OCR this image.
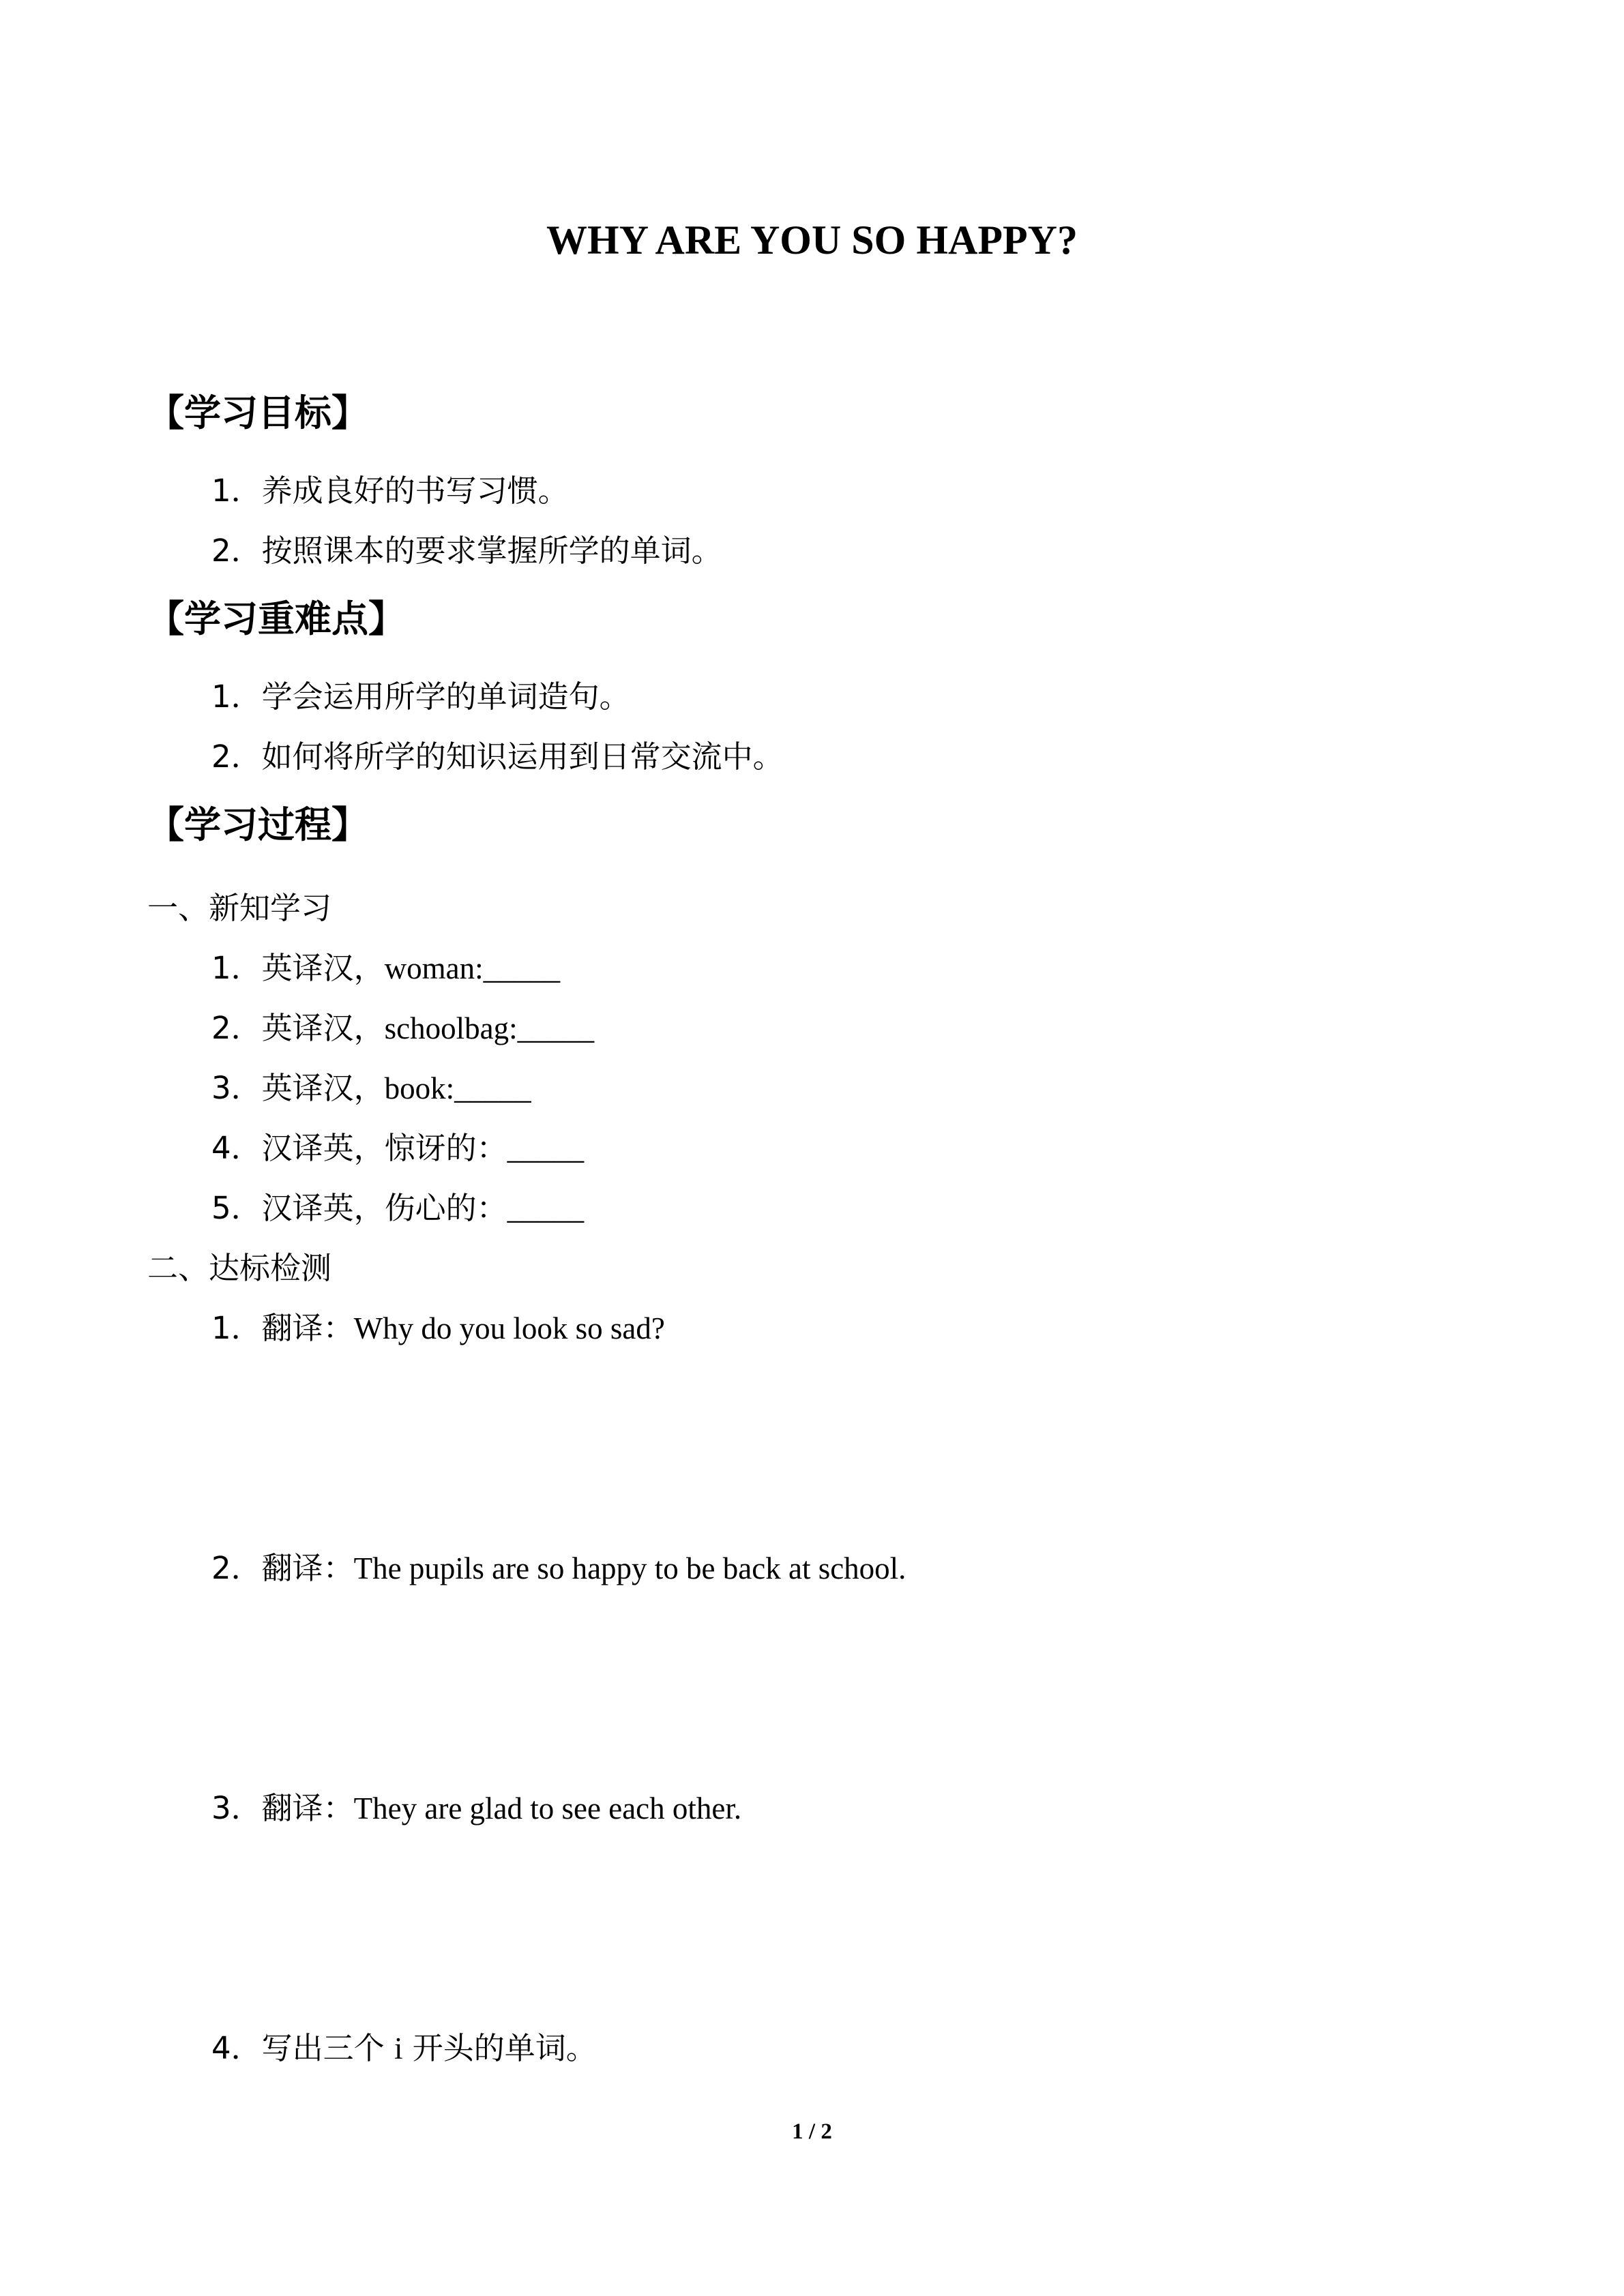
WHY ARE YOU SO HAPPY?
【学习目标】
1．养成良好的书写习惯。
2．按照课本的要求掌握所学的单词。
【学习重难点】
1．学会运用所学的单词造句。
2．如何将所学的知识运用到日常交流中。
【学习过程】
一、新知学习
1．英译汉，woman:_____
2．英译汉，schoolbag:_____
3．英译汉，book:_____
4．汉译英，惊讶的：_____
5．汉译英，伤心的：_____
二、达标检测
1．翻译：Why do you look so sad?
2．翻译：The pupils are so happy to be back at school.
3．翻译：They are glad to see each other.
4．写出三个 i 开头的单词。
1 / 2
